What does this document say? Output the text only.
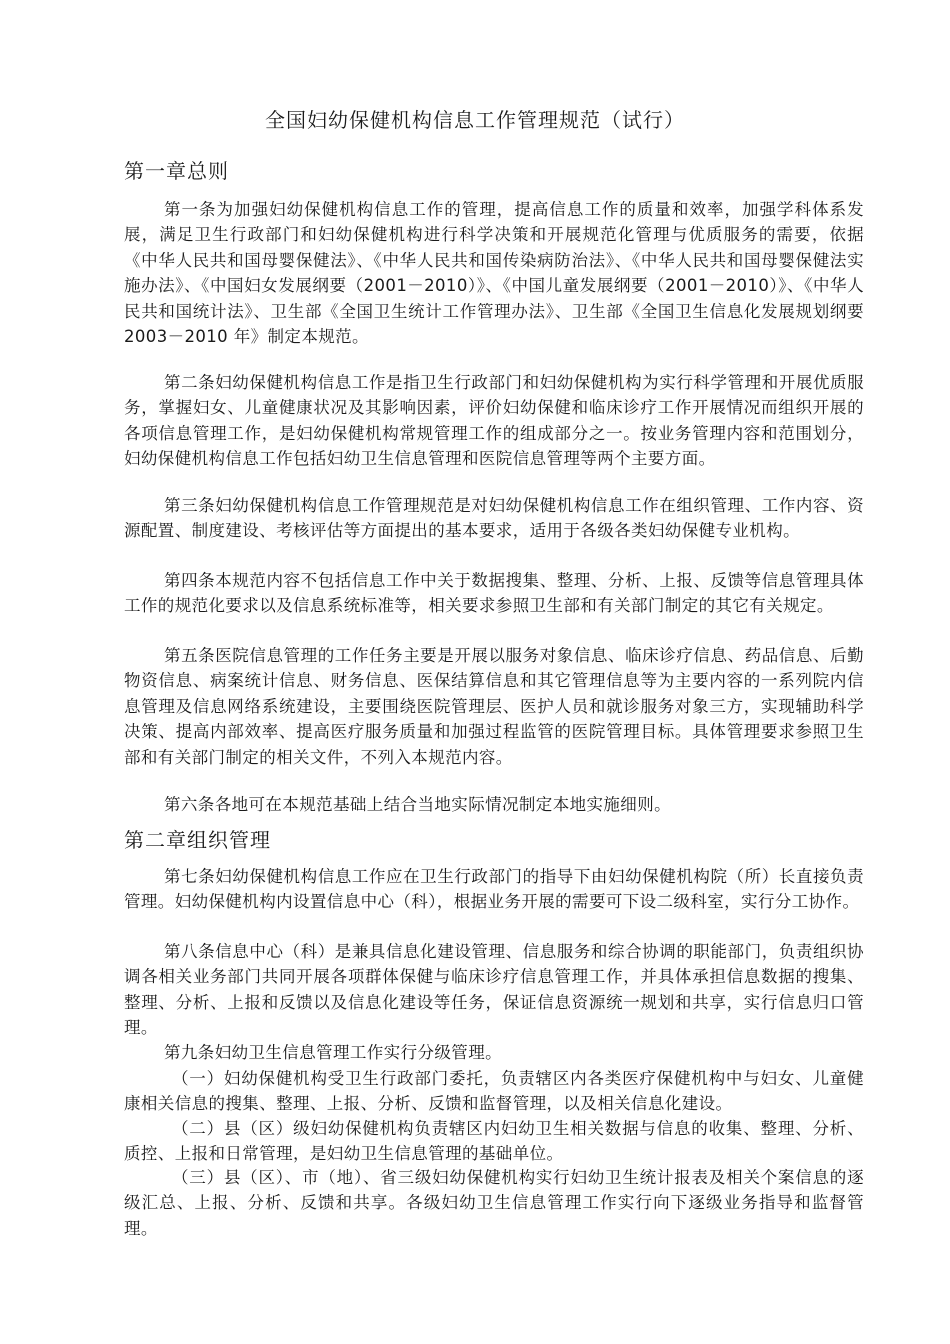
全国妇幼保健机构信息工作管理规范（试行）
第一章总则

第一条为加强妇幼保健机构信息工作的管理，提高信息工作的质量和效率，加强学科体系发展，满足卫生行政部门和妇幼保健机构进行科学决策和开展规范化管理与优质服务的需要，依据《中华人民共和国母婴保健法》、《中华人民共和国传染病防治法》、《中华人民共和国母婴保健法实施办法》、《中国妇女发展纲要（2001－2010）》、《中国儿童发展纲要（2001－2010）》、《中华人民共和国统计法》、卫生部《全国卫生统计工作管理办法》、卫生部《全国卫生信息化发展规划纲要 2003－2010 年》制定本规范。

第二条妇幼保健机构信息工作是指卫生行政部门和妇幼保健机构为实行科学管理和开展优质服务，掌握妇女、儿童健康状况及其影响因素，评价妇幼保健和临床诊疗工作开展情况而组织开展的各项信息管理工作，是妇幼保健机构常规管理工作的组成部分之一。按业务管理内容和范围划分，妇幼保健机构信息工作包括妇幼卫生信息管理和医院信息管理等两个主要方面。

第三条妇幼保健机构信息工作管理规范是对妇幼保健机构信息工作在组织管理、工作内容、资源配置、制度建设、考核评估等方面提出的基本要求，适用于各级各类妇幼保健专业机构。

第四条本规范内容不包括信息工作中关于数据搜集、整理、分析、上报、反馈等信息管理具体工作的规范化要求以及信息系统标准等，相关要求参照卫生部和有关部门制定的其它有关规定。

第五条医院信息管理的工作任务主要是开展以服务对象信息、临床诊疗信息、药品信息、后勤物资信息、病案统计信息、财务信息、医保结算信息和其它管理信息等为主要内容的一系列院内信息管理及信息网络系统建设，主要围绕医院管理层、医护人员和就诊服务对象三方，实现辅助科学决策、提高内部效率、提高医疗服务质量和加强过程监管的医院管理目标。具体管理要求参照卫生部和有关部门制定的相关文件，不列入本规范内容。

第六条各地可在本规范基础上结合当地实际情况制定本地实施细则。

第二章组织管理

第七条妇幼保健机构信息工作应在卫生行政部门的指导下由妇幼保健机构院（所）长直接负责管理。妇幼保健机构内设置信息中心（科），根据业务开展的需要可下设二级科室，实行分工协作。

第八条信息中心（科）是兼具信息化建设管理、信息服务和综合协调的职能部门，负责组织协调各相关业务部门共同开展各项群体保健与临床诊疗信息管理工作，并具体承担信息数据的搜集、整理、分析、上报和反馈以及信息化建设等任务，保证信息资源统一规划和共享，实行信息归口管理。

第九条妇幼卫生信息管理工作实行分级管理。

（一）妇幼保健机构受卫生行政部门委托，负责辖区内各类医疗保健机构中与妇女、儿童健康相关信息的搜集、整理、上报、分析、反馈和监督管理，以及相关信息化建设。

（二）县（区）级妇幼保健机构负责辖区内妇幼卫生相关数据与信息的收集、整理、分析、质控、上报和日常管理，是妇幼卫生信息管理的基础单位。

（三）县（区）、市（地）、省三级妇幼保健机构实行妇幼卫生统计报表及相关个案信息的逐级汇总、上报、分析、反馈和共享。各级妇幼卫生信息管理工作实行向下逐级业务指导和监督管理。
